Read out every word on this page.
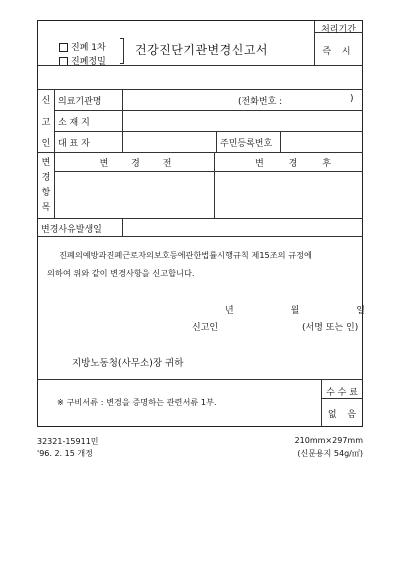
진폐 1차
진폐정밀
건강진단기관변경신고서
처리기간
즉 시
신
고
인
의료기관명	(전화번호 :	)
소 재 지
대 표 자	주민등록번호
변
경
항
목
변 경 전	변 경 후
변경사유발생일
진폐의예방과진폐근로자의보호등에관한법률시행규칙 제15조의 규정에
의하여 위와 같이 변경사항을 신고합니다.
년	월	일
신고인	(서명 또는 인)
지방노동청(사무소)장 귀하
※ 구비서류 : 변경을 증명하는 관련서류 1부.
수 수 료
없 음
32321-15911민
'96. 2. 15 개정
210mm×297mm
(신문용지 54g/㎡)
